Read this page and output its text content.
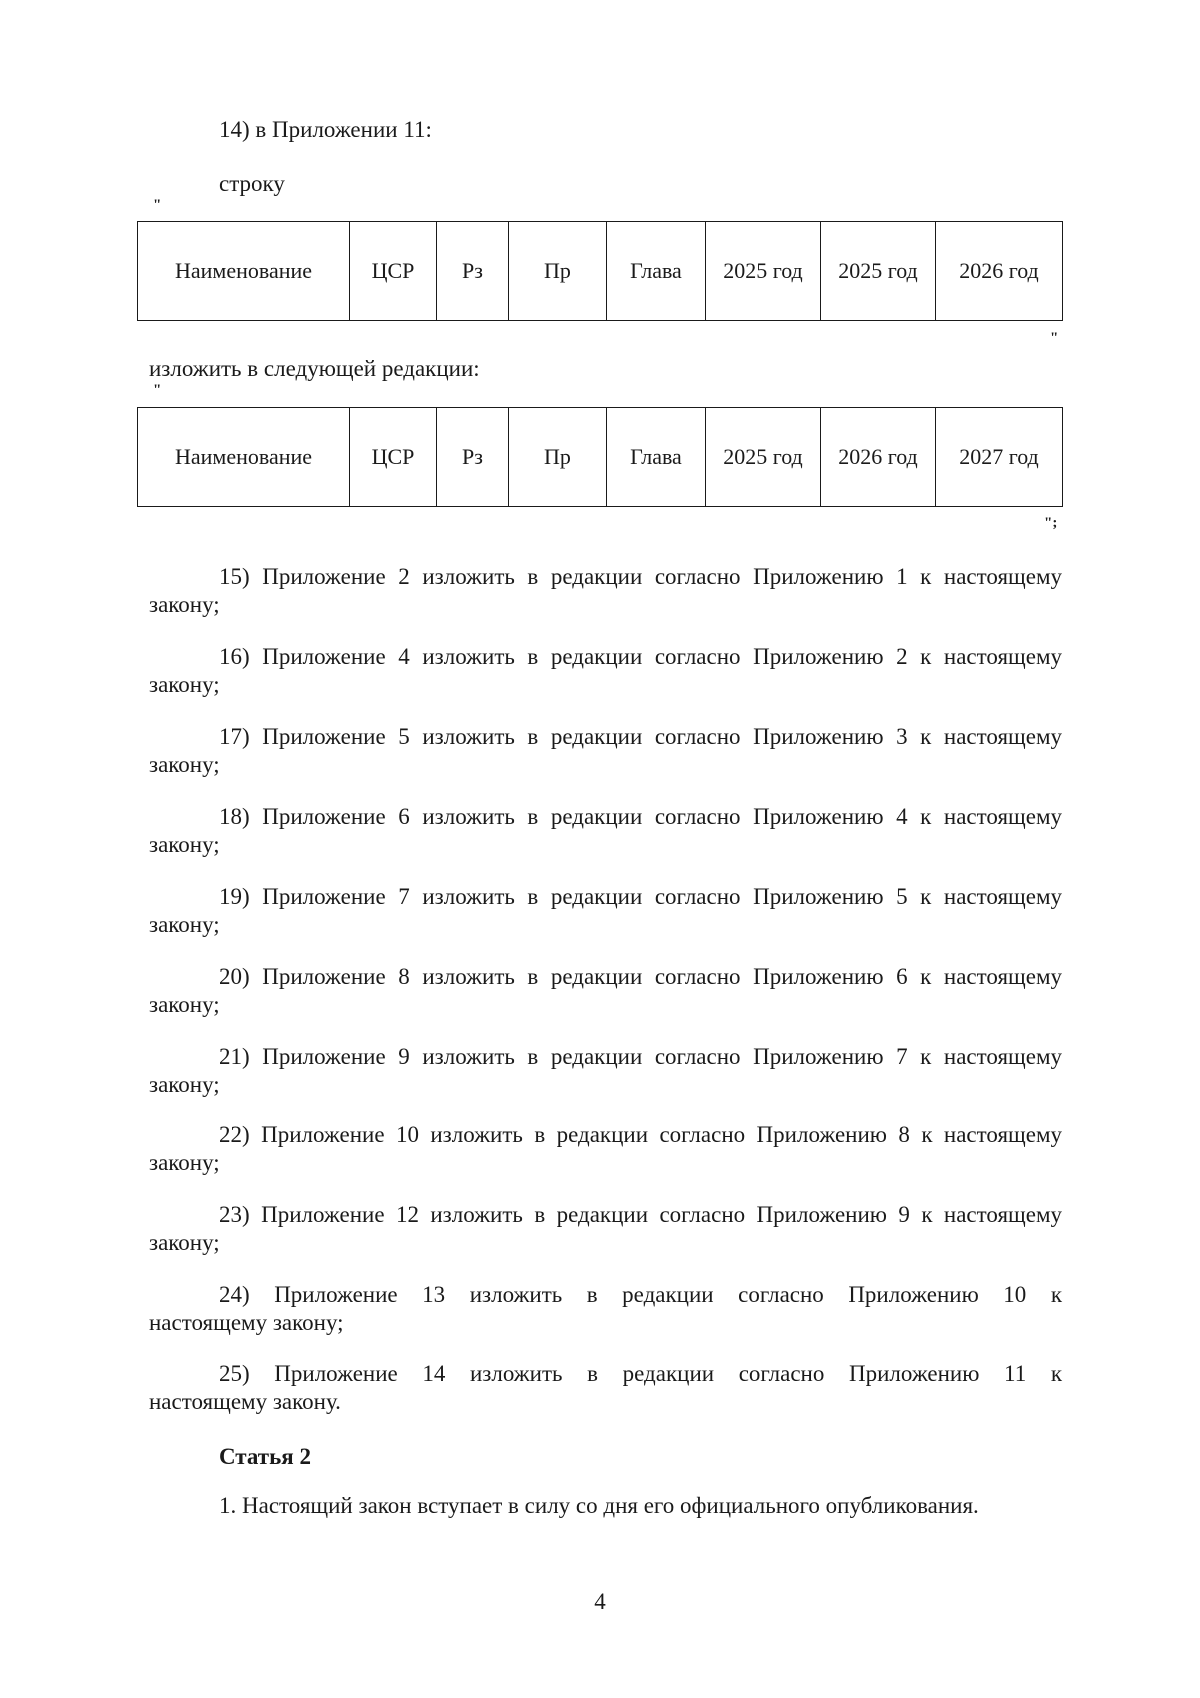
14) в Приложении 11:
строку
"
Наименование	ЦСР	Рз	Пр	Глава	2025 год	2025 год	2026 год
"
изложить в следующей редакции:
"
Наименование	ЦСР	Рз	Пр	Глава	2025 год	2026 год	2027 год
";
15) Приложение 2 изложить в редакции согласно Приложению 1 к настоящему
закону;
16) Приложение 4 изложить в редакции согласно Приложению 2 к настоящему
закону;
17) Приложение 5 изложить в редакции согласно Приложению 3 к настоящему
закону;
18) Приложение 6 изложить в редакции согласно Приложению 4 к настоящему
закону;
19) Приложение 7 изложить в редакции согласно Приложению 5 к настоящему
закону;
20) Приложение 8 изложить в редакции согласно Приложению 6 к настоящему
закону;
21) Приложение 9 изложить в редакции согласно Приложению 7 к настоящему
закону;
22) Приложение 10 изложить в редакции согласно Приложению 8 к настоящему
закону;
23) Приложение 12 изложить в редакции согласно Приложению 9 к настоящему
закону;
24) Приложение 13 изложить в редакции согласно Приложению 10 к
настоящему закону;
25) Приложение 14 изложить в редакции согласно Приложению 11 к
настоящему закону.
Статья 2
1. Настоящий закон вступает в силу со дня его официального опубликования.
4
